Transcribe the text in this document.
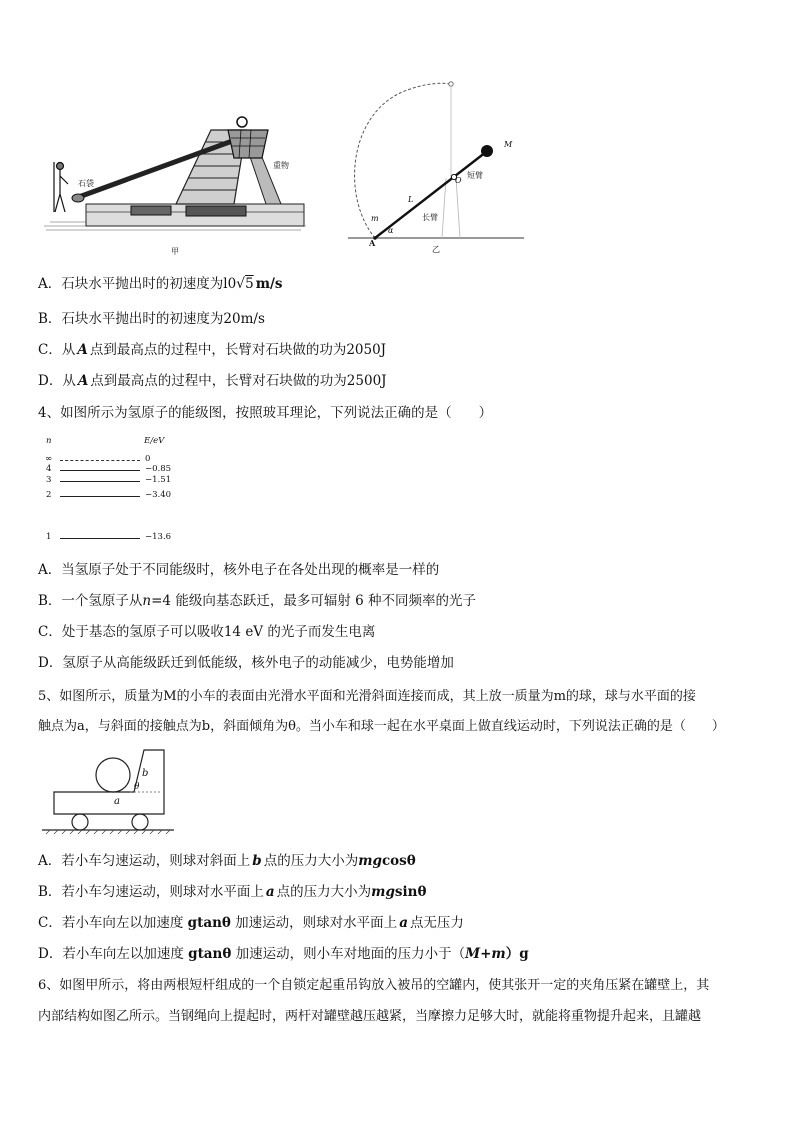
石袋
重物
甲
M
O
短臂
L
长臂
m
α
A
乙
A．石块水平抛出时的初速度为l0√5 m/s
B．石块水平抛出时的初速度为20m/s
C．从 A 点到最高点的过程中，长臂对石块做的功为2050J
D．从 A 点到最高点的过程中，长臂对石块做的功为2500J
4、如图所示为氢原子的能级图，按照玻耳理论，下列说法正确的是（　　）
n	E/eV
∞	0
4	−0.85
3	−1.51
2	−3.40
1	−13.6
A．当氢原子处于不同能级时，核外电子在各处出现的概率是一样的
B．一个氢原子从n=4 能级向基态跃迁，最多可辐射 6 种不同频率的光子
C．处于基态的氢原子可以吸收14 eV 的光子而发生电离
D．氢原子从高能级跃迁到低能级，核外电子的动能减少，电势能增加
5、如图所示，质量为M的小车的表面由光滑水平面和光滑斜面连接而成，其上放一质量为m的球，球与水平面的接
触点为a，与斜面的接触点为b，斜面倾角为θ。当小车和球一起在水平桌面上做直线运动时，下列说法正确的是（　　）
b
θ
a
A．若小车匀速运动，则球对斜面上 b 点的压力大小为mgcosθ
B．若小车匀速运动，则球对水平面上 a 点的压力大小为mgsinθ
C．若小车向左以加速度 gtanθ 加速运动，则球对水平面上 a 点无压力
D．若小车向左以加速度 gtanθ 加速运动，则小车对地面的压力小于（M+m）g
6、如图甲所示，将由两根短杆组成的一个自锁定起重吊钩放入被吊的空罐内，使其张开一定的夹角压紧在罐壁上，其
内部结构如图乙所示。当钢绳向上提起时，两杆对罐壁越压越紧，当摩擦力足够大时，就能将重物提升起来，且罐越
